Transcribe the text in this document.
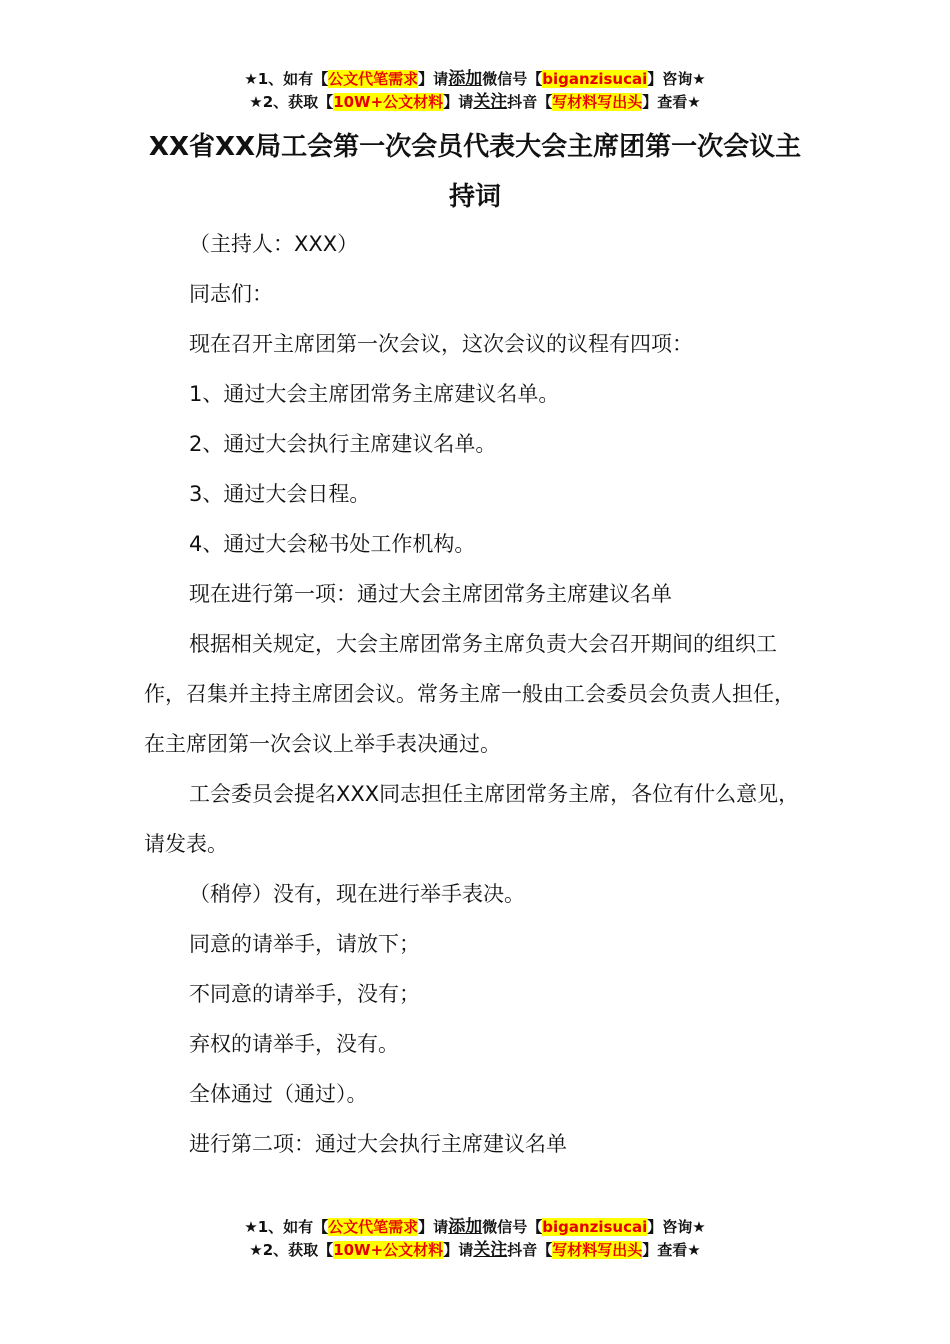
★1、如有【公文代笔需求】请添加微信号【biganzisucai】咨询★
★2、获取【10W+公文材料】请关注抖音【写材料写出头】查看★
XX省XX局工会第一次会员代表大会主席团第一次会议主持词

（主持人：XXX）

同志们：

现在召开主席团第一次会议，这次会议的议程有四项：

1、通过大会主席团常务主席建议名单。

2、通过大会执行主席建议名单。

3、通过大会日程。

4、通过大会秘书处工作机构。

现在进行第一项：通过大会主席团常务主席建议名单

根据相关规定，大会主席团常务主席负责大会召开期间的组织工作，召集并主持主席团会议。常务主席一般由工会委员会负责人担任，在主席团第一次会议上举手表决通过。

工会委员会提名XXX同志担任主席团常务主席，各位有什么意见，请发表。

（稍停）没有，现在进行举手表决。

同意的请举手，请放下；

不同意的请举手，没有；

弃权的请举手，没有。

全体通过（通过）。

进行第二项：通过大会执行主席建议名单

★1、如有【公文代笔需求】请添加微信号【biganzisucai】咨询★
★2、获取【10W+公文材料】请关注抖音【写材料写出头】查看★
